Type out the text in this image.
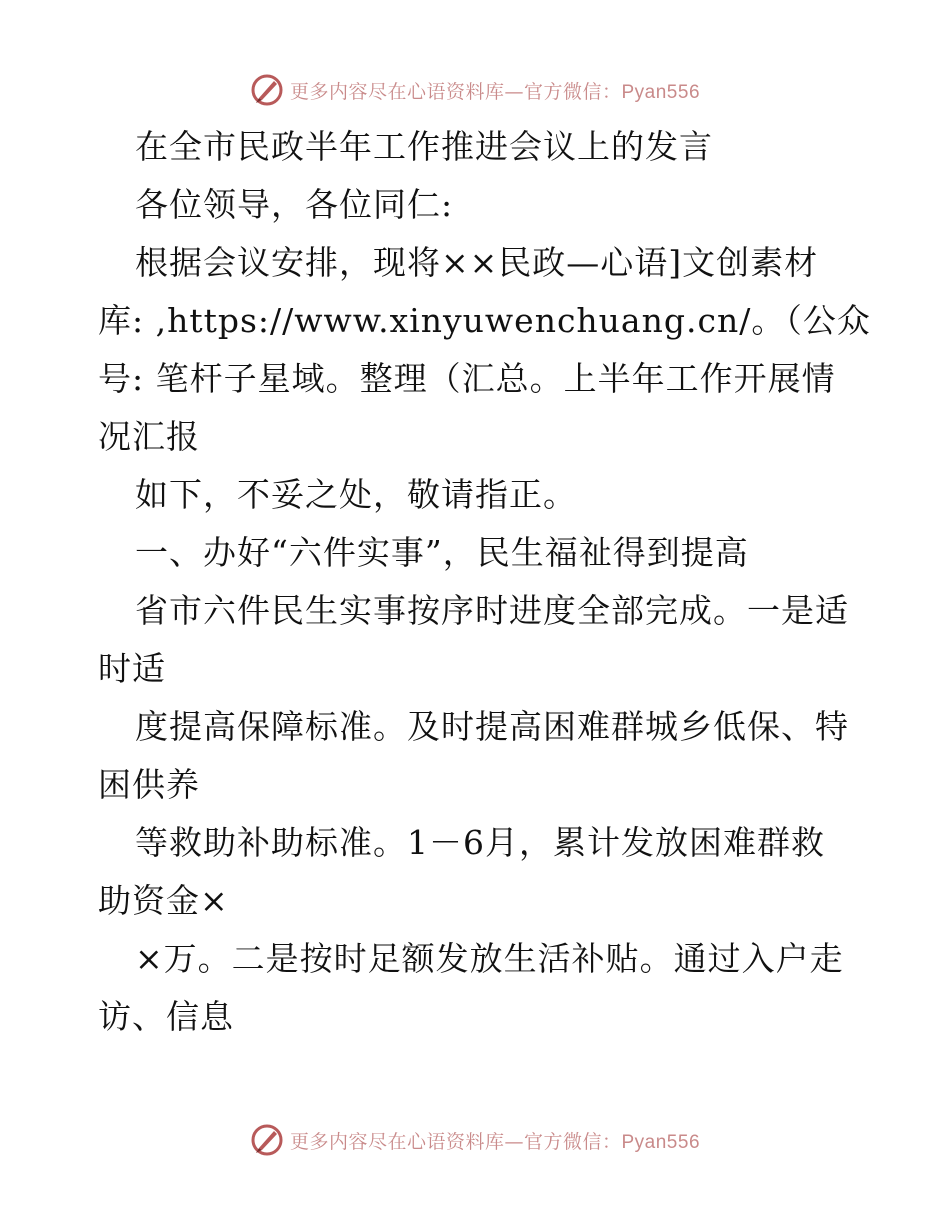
更多内容尽在心语资料库—官方微信：Pyan556

在全市民政半年工作推进会议上的发言

各位领导，各位同仁:

根据会议安排，现将××民政—心语]文创素材

库: ,https://www.xinyuwenchuang.cn/。（公众

号: 笔杆子星域。整理（汇总。上半年工作开展情

况汇报

如下，不妥之处，敬请指正。

一、办好“六件实事”，民生福祉得到提高

省市六件民生实事按序时进度全部完成。一是适

时适

度提高保障标准。及时提高困难群城乡低保、特

困供养

等救助补助标准。1－6月，累计发放困难群救

助资金×

×万。二是按时足额发放生活补贴。通过入户走

访、信息

更多内容尽在心语资料库—官方微信：Pyan556
